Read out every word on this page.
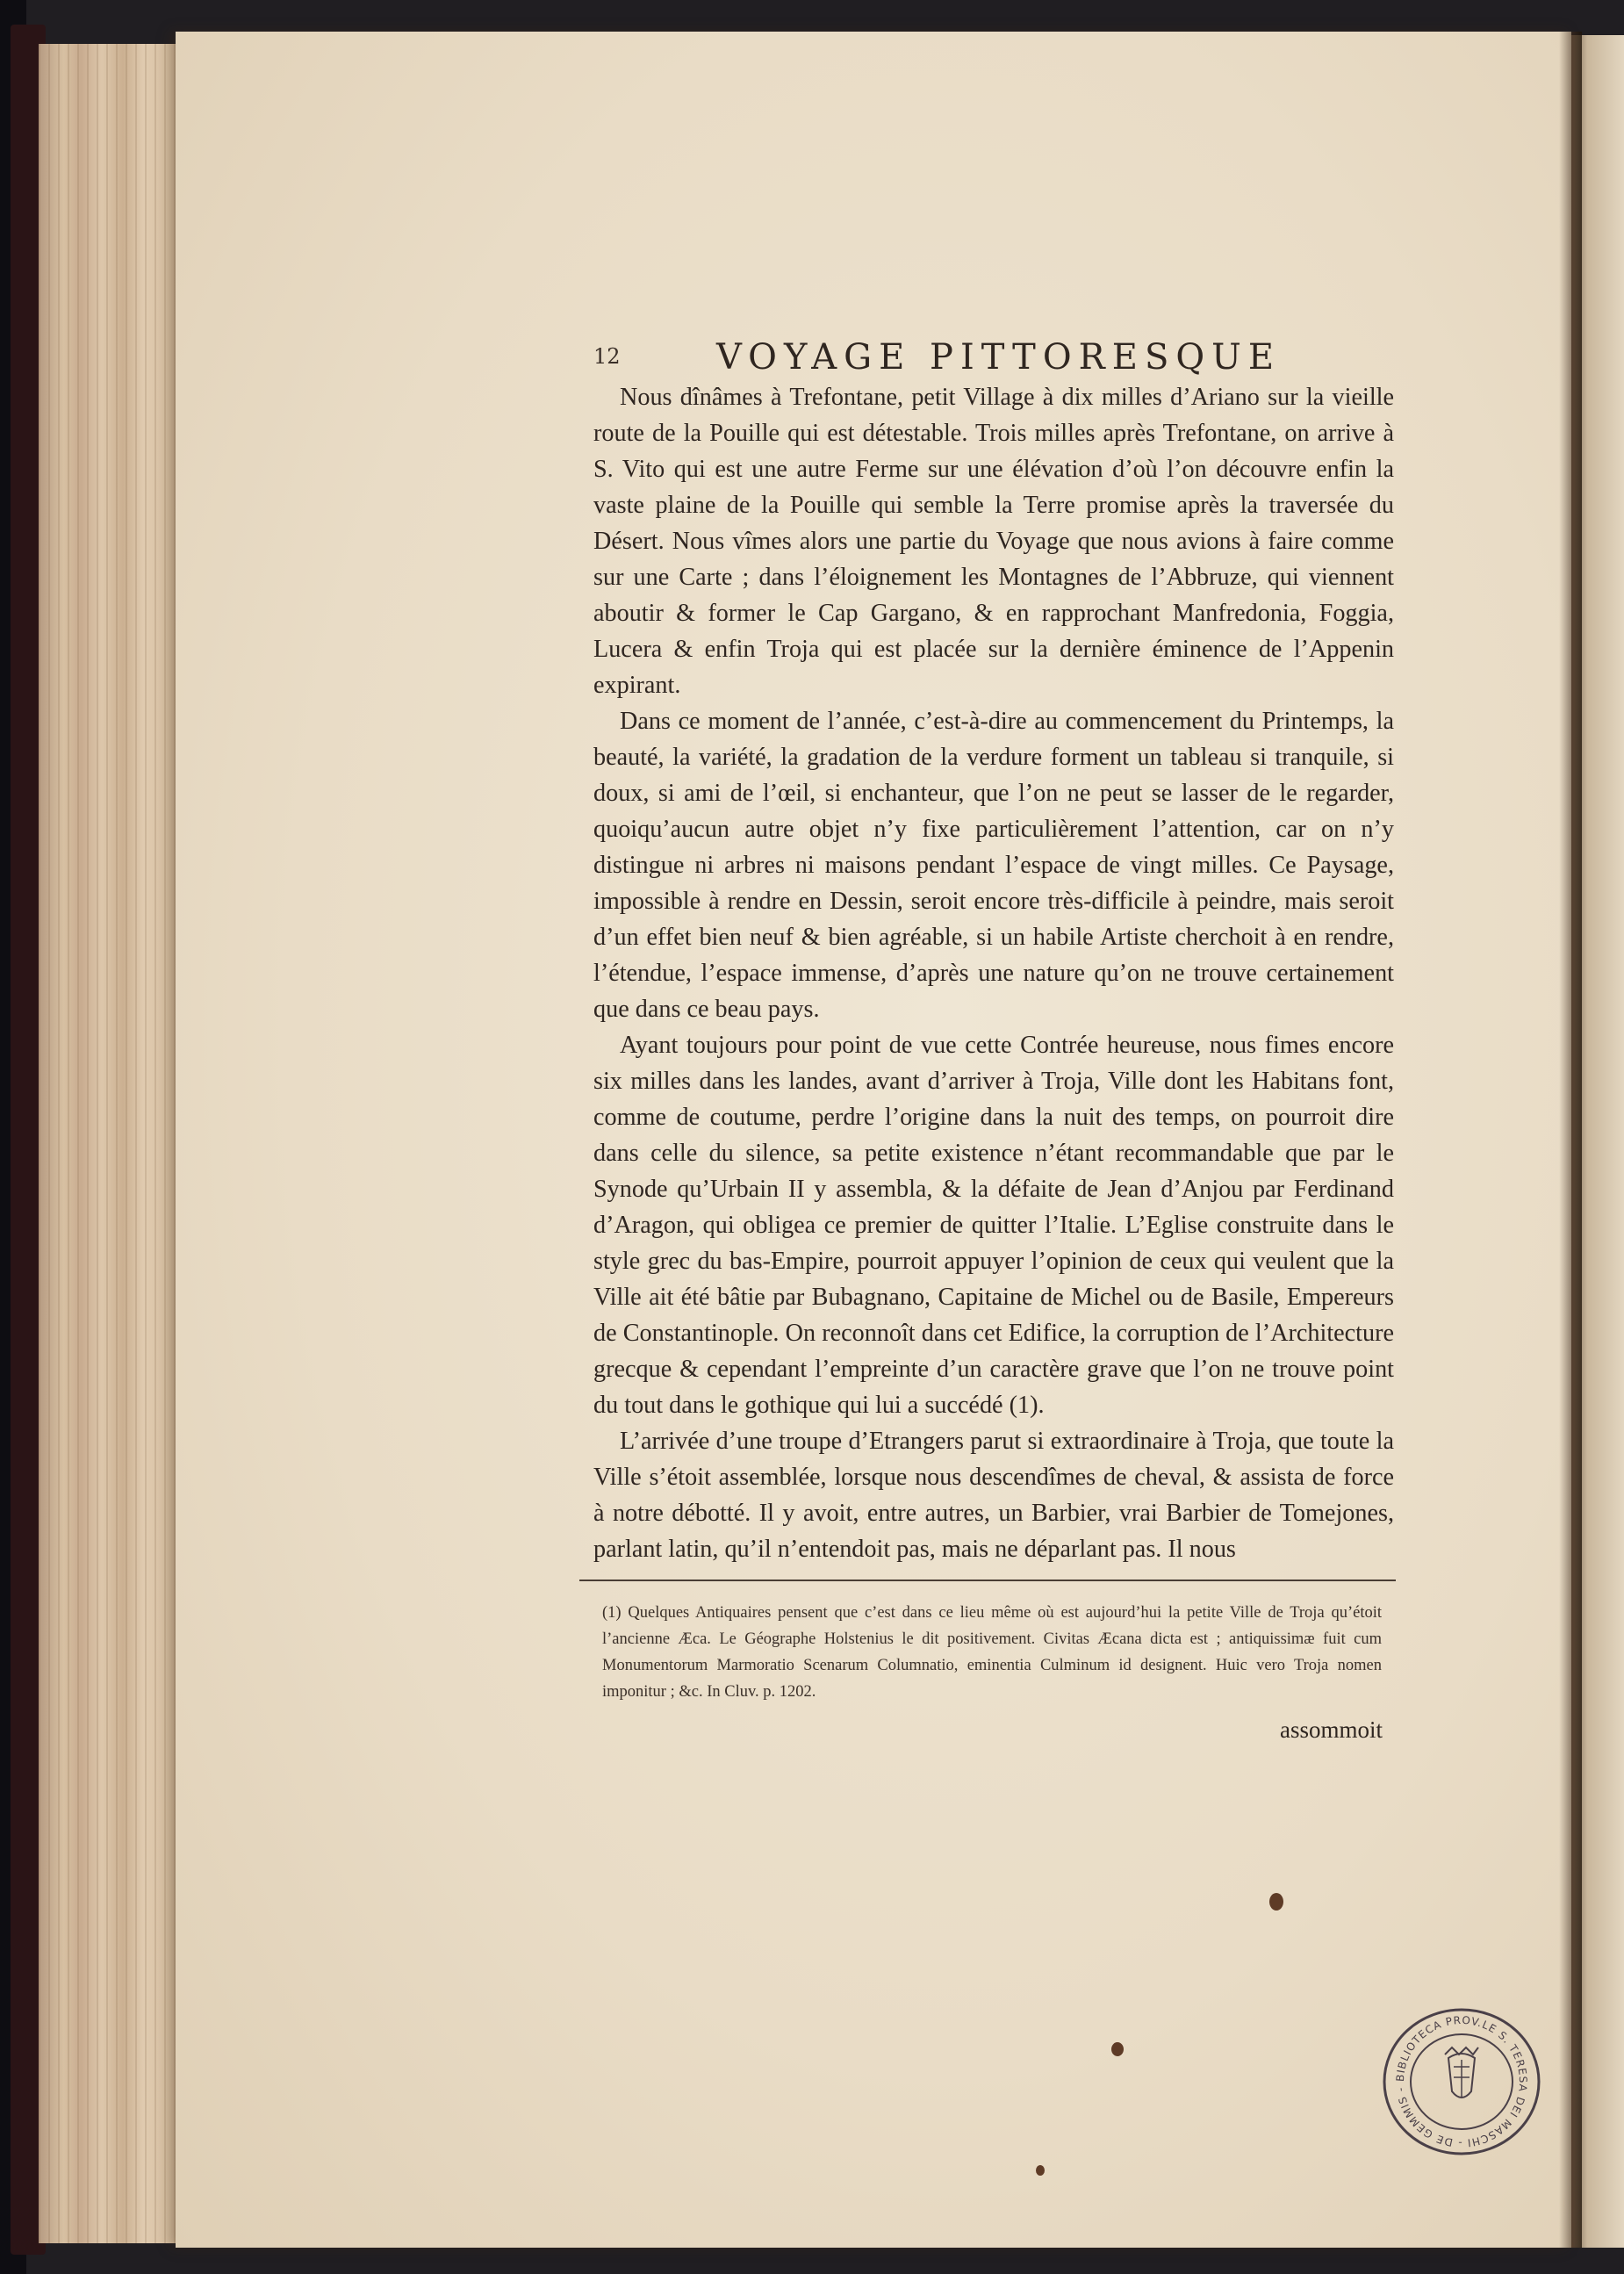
12	VOYAGE PITTORESQUE

Nous dînâmes à Trefontane, petit Village à dix milles d’Ariano sur la vieille route de la Pouille qui est détestable. Trois milles après Trefontane, on arrive à S. Vito qui est une autre Ferme sur une élévation d’où l’on découvre enfin la vaste plaine de la Pouille qui semble la Terre promise après la traversée du Désert. Nous vîmes alors une partie du Voyage que nous avions à faire comme sur une Carte ; dans l’éloignement les Montagnes de l’Abbruze, qui viennent aboutir & former le Cap Gargano, & en rapprochant Manfredonia, Foggia, Lucera & enfin Troja qui est placée sur la dernière éminence de l’Appenin expirant.

Dans ce moment de l’année, c’est-à-dire au commencement du Printemps, la beauté, la variété, la gradation de la verdure forment un tableau si tranquile, si doux, si ami de l’œil, si enchanteur, que l’on ne peut se lasser de le regarder, quoiqu’aucun autre objet n’y fixe particulièrement l’attention, car on n’y distingue ni arbres ni maisons pendant l’espace de vingt milles. Ce Paysage, impossible à rendre en Dessin, seroit encore très-difficile à peindre, mais seroit d’un effet bien neuf & bien agréable, si un habile Artiste cherchoit à en rendre, l’étendue, l’espace immense, d’après une nature qu’on ne trouve certainement que dans ce beau pays.

Ayant toujours pour point de vue cette Contrée heureuse, nous fimes encore six milles dans les landes, avant d’arriver à Troja, Ville dont les Habitans font, comme de coutume, perdre l’origine dans la nuit des temps, on pourroit dire dans celle du silence, sa petite existence n’étant recommandable que par le Synode qu’Urbain II y assembla, & la défaite de Jean d’Anjou par Ferdinand d’Aragon, qui obligea ce premier de quitter l’Italie. L’Eglise construite dans le style grec du bas-Empire, pourroit appuyer l’opinion de ceux qui veulent que la Ville ait été bâtie par Bubagnano, Capitaine de Michel ou de Basile, Empereurs de Constantinople. On reconnoît dans cet Edifice, la corruption de l’Architecture grecque & cependant l’empreinte d’un caractère grave que l’on ne trouve point du tout dans le gothique qui lui a succédé (1).

L’arrivée d’une troupe d’Etrangers parut si extraordinaire à Troja, que toute la Ville s’étoit assemblée, lorsque nous descendîmes de cheval, & assista de force à notre débotté. Il y avoit, entre autres, un Barbier, vrai Barbier de Tomejones, parlant latin, qu’il n’entendoit pas, mais ne déparlant pas. Il nous

(1) Quelques Antiquaires pensent que c’est dans ce lieu même où est aujourd’hui la petite Ville de Troja qu’étoit l’ancienne Æca. Le Géographe Holstenius le dit positivement. Civitas Æcana dicta est ; antiquissimæ fuit cum Monumentorum Marmoratio Scenarum Columnatio, eminentia Culminum id designent. Huic vero Troja nomen imponitur ; &c. In Cluv. p. 1202.
assommoit
BIBLIOTECA PROV.LE S. TERESA DEI MASCHI - DE GEMMIS -
